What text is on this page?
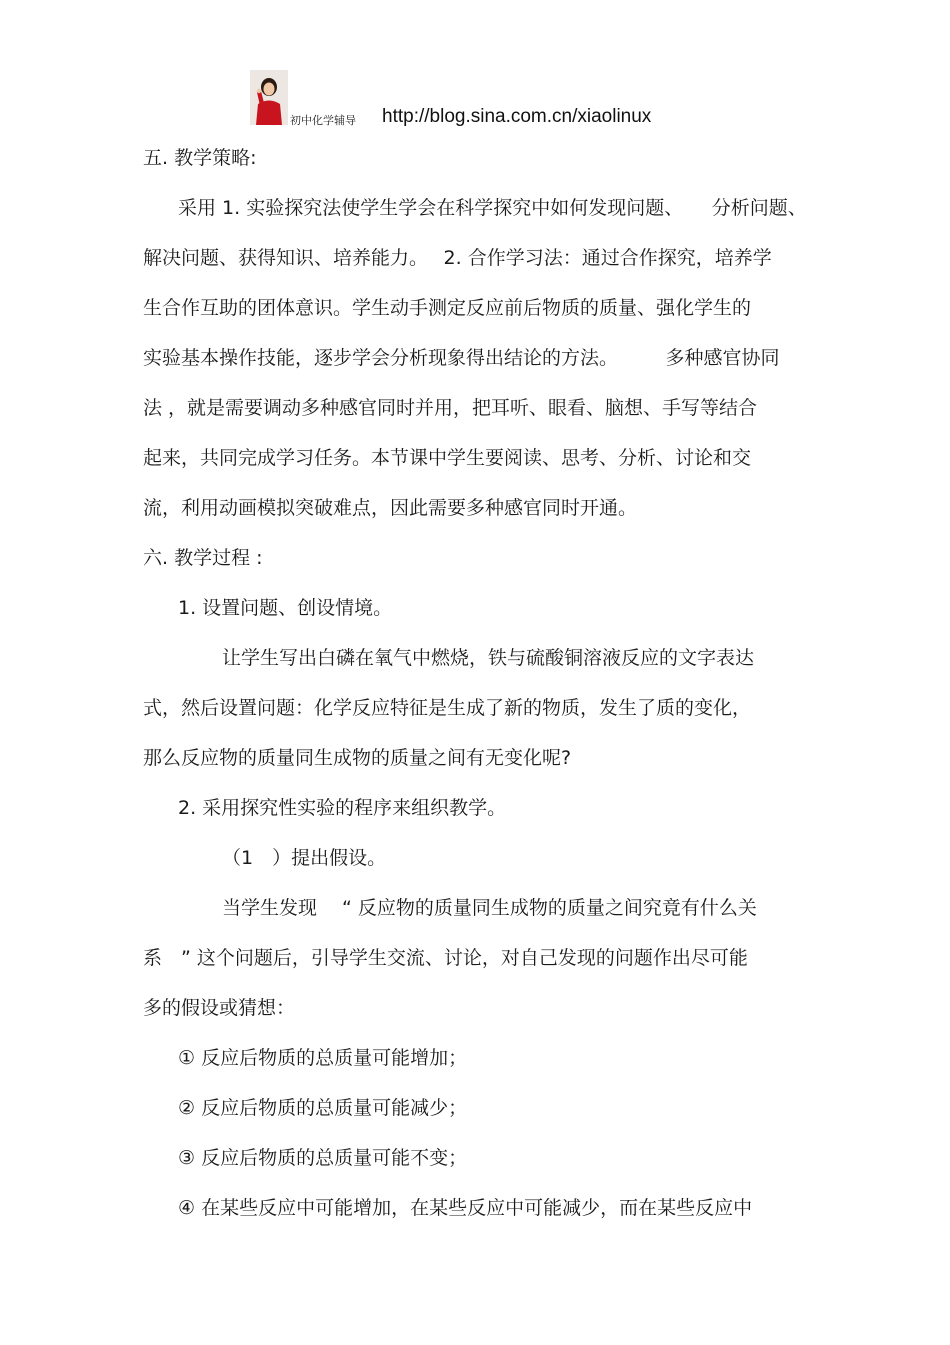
初中化学辅导 http://blog.sina.com.cn/xiaolinux
五. 教学策略:
采用 1. 实验探究法使学生学会在科学探究中如何发现问题、　　分析问题、
解决问题、获得知识、培养能力。　 2. 合作学习法：通过合作探究，培养学
生合作互助的团体意识。学生动手测定反应前后物质的质量、强化学生的
实验基本操作技能，逐步学会分析现象得出结论的方法。　　　多种感官协同
法 ，就是需要调动多种感官同时并用，把耳听、眼看、脑想、手写等结合
起来，共同完成学习任务。本节课中学生要阅读、思考、分析、讨论和交
流，利用动画模拟突破难点，因此需要多种感官同时开通。
六. 教学过程 :
1. 设置问题、创设情境。
让学生写出白磷在氧气中燃烧，铁与硫酸铜溶液反应的文字表达
式，然后设置问题：化学反应特征是生成了新的物质，发生了质的变化，
那么反应物的质量同生成物的质量之间有无变化呢?
2. 采用探究性实验的程序来组织教学。
（1　）提出假设。
当学生发现　 “ 反应物的质量同生成物的质量之间究竟有什么关
系　” 这个问题后，引导学生交流、讨论，对自己发现的问题作出尽可能
多的假设或猜想：
① 反应后物质的总质量可能增加；
② 反应后物质的总质量可能减少；
③ 反应后物质的总质量可能不变；
④ 在某些反应中可能增加，在某些反应中可能减少，而在某些反应中
